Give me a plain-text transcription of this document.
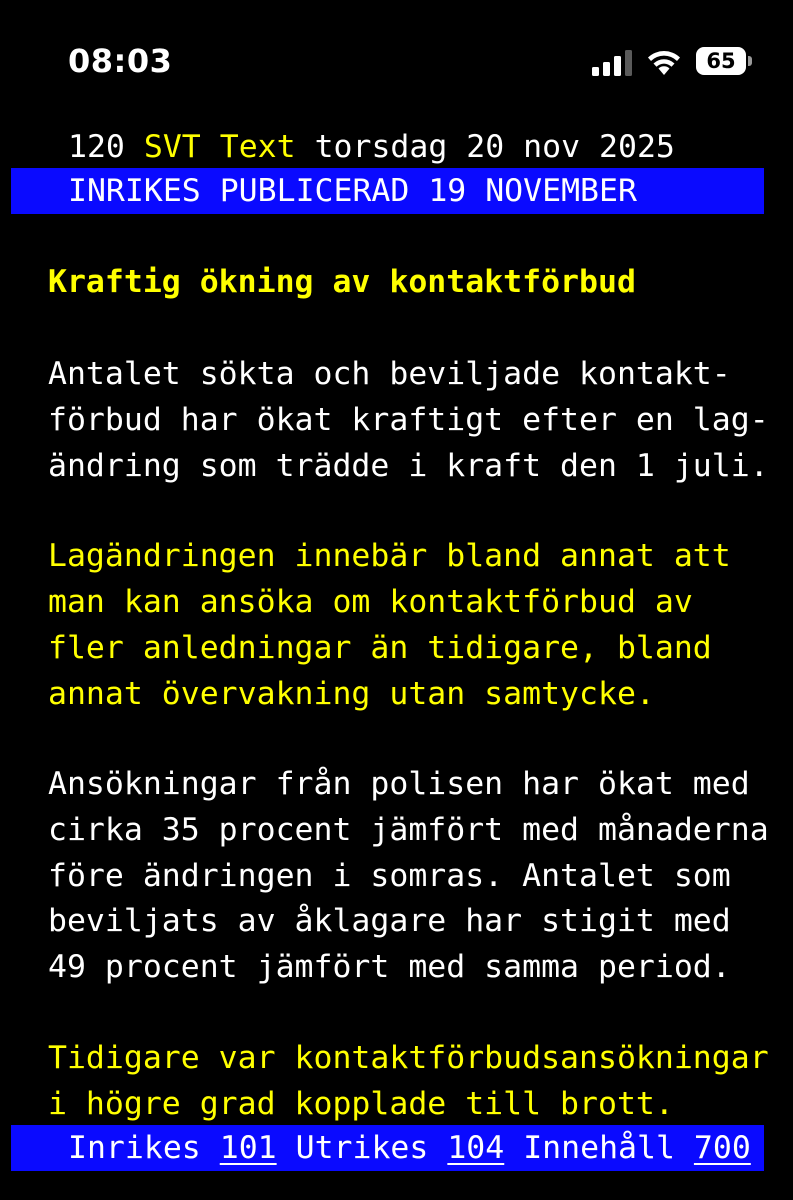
08:03	65

120 SVT Text torsdag 20 nov 2025

INRIKES PUBLICERAD 19 NOVEMBER

Kraftig ökning av kontaktförbud

Antalet sökta och beviljade kontakt-

förbud har ökat kraftigt efter en lag-

ändring som trädde i kraft den 1 juli.

Lagändringen innebär bland annat att

man kan ansöka om kontaktförbud av

fler anledningar än tidigare, bland

annat övervakning utan samtycke.

Ansökningar från polisen har ökat med

cirka 35 procent jämfört med månaderna

före ändringen i somras. Antalet som

beviljats av åklagare har stigit med

49 procent jämfört med samma period.

Tidigare var kontaktförbudsansökningar

i högre grad kopplade till brott.

Inrikes 101 Utrikes 104 Innehåll 700
